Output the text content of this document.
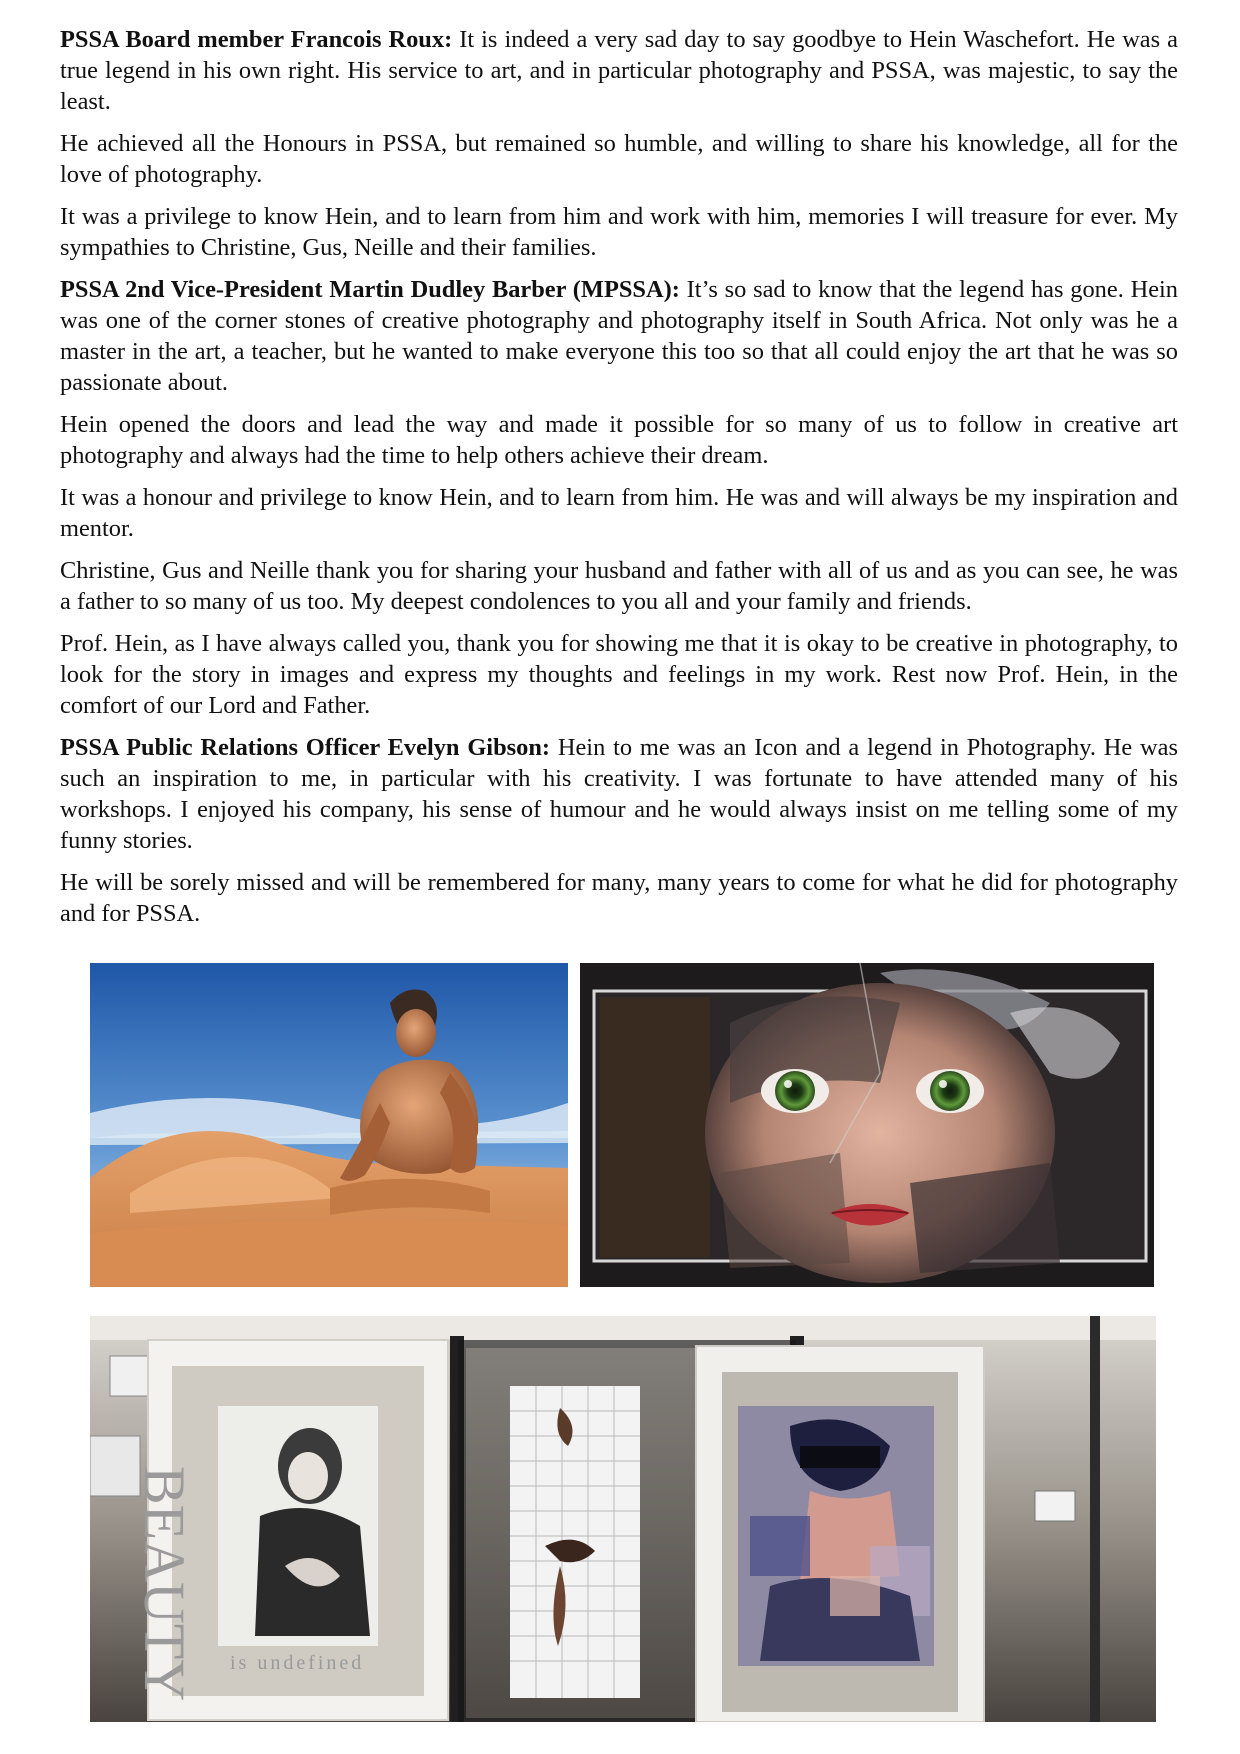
PSSA Board member Francois Roux: It is indeed a very sad day to say goodbye to Hein Waschefort. He was a true legend in his own right. His service to art, and in particular photography and PSSA, was majestic, to say the least.

He achieved all the Honours in PSSA, but remained so humble, and willing to share his knowledge, all for the love of photography.

It was a privilege to know Hein, and to learn from him and work with him, memories I will treasure for ever. My sympathies to Christine, Gus, Neille and their families.

PSSA 2nd Vice-President Martin Dudley Barber (MPSSA): It’s so sad to know that the legend has gone. Hein was one of the corner stones of creative photography and photography itself in South Africa. Not only was he a master in the art, a teacher, but he wanted to make everyone this too so that all could enjoy the art that he was so passionate about.

Hein opened the doors and lead the way and made it possible for so many of us to follow in creative art photography and always had the time to help others achieve their dream.

It was a honour and privilege to know Hein, and to learn from him. He was and will always be my inspiration and mentor.

Christine, Gus and Neille thank you for sharing your husband and father with all of us and as you can see, he was a father to so many of us too. My deepest condolences to you all and your family and friends.

Prof. Hein, as I have always called you, thank you for showing me that it is okay to be creative in photography, to look for the story in images and express my thoughts and feelings in my work. Rest now Prof. Hein, in the comfort of our Lord and Father.

PSSA Public Relations Officer Evelyn Gibson: Hein to me was an Icon and a legend in Photography. He was such an inspiration to me, in particular with his creativity. I was fortunate to have attended many of his workshops. I enjoyed his company, his sense of humour and he would always insist on me telling some of my funny stories.

He will be sorely missed and will be remembered for many, many years to come for what he did for photography and for PSSA.

BEAUTY is undefined
